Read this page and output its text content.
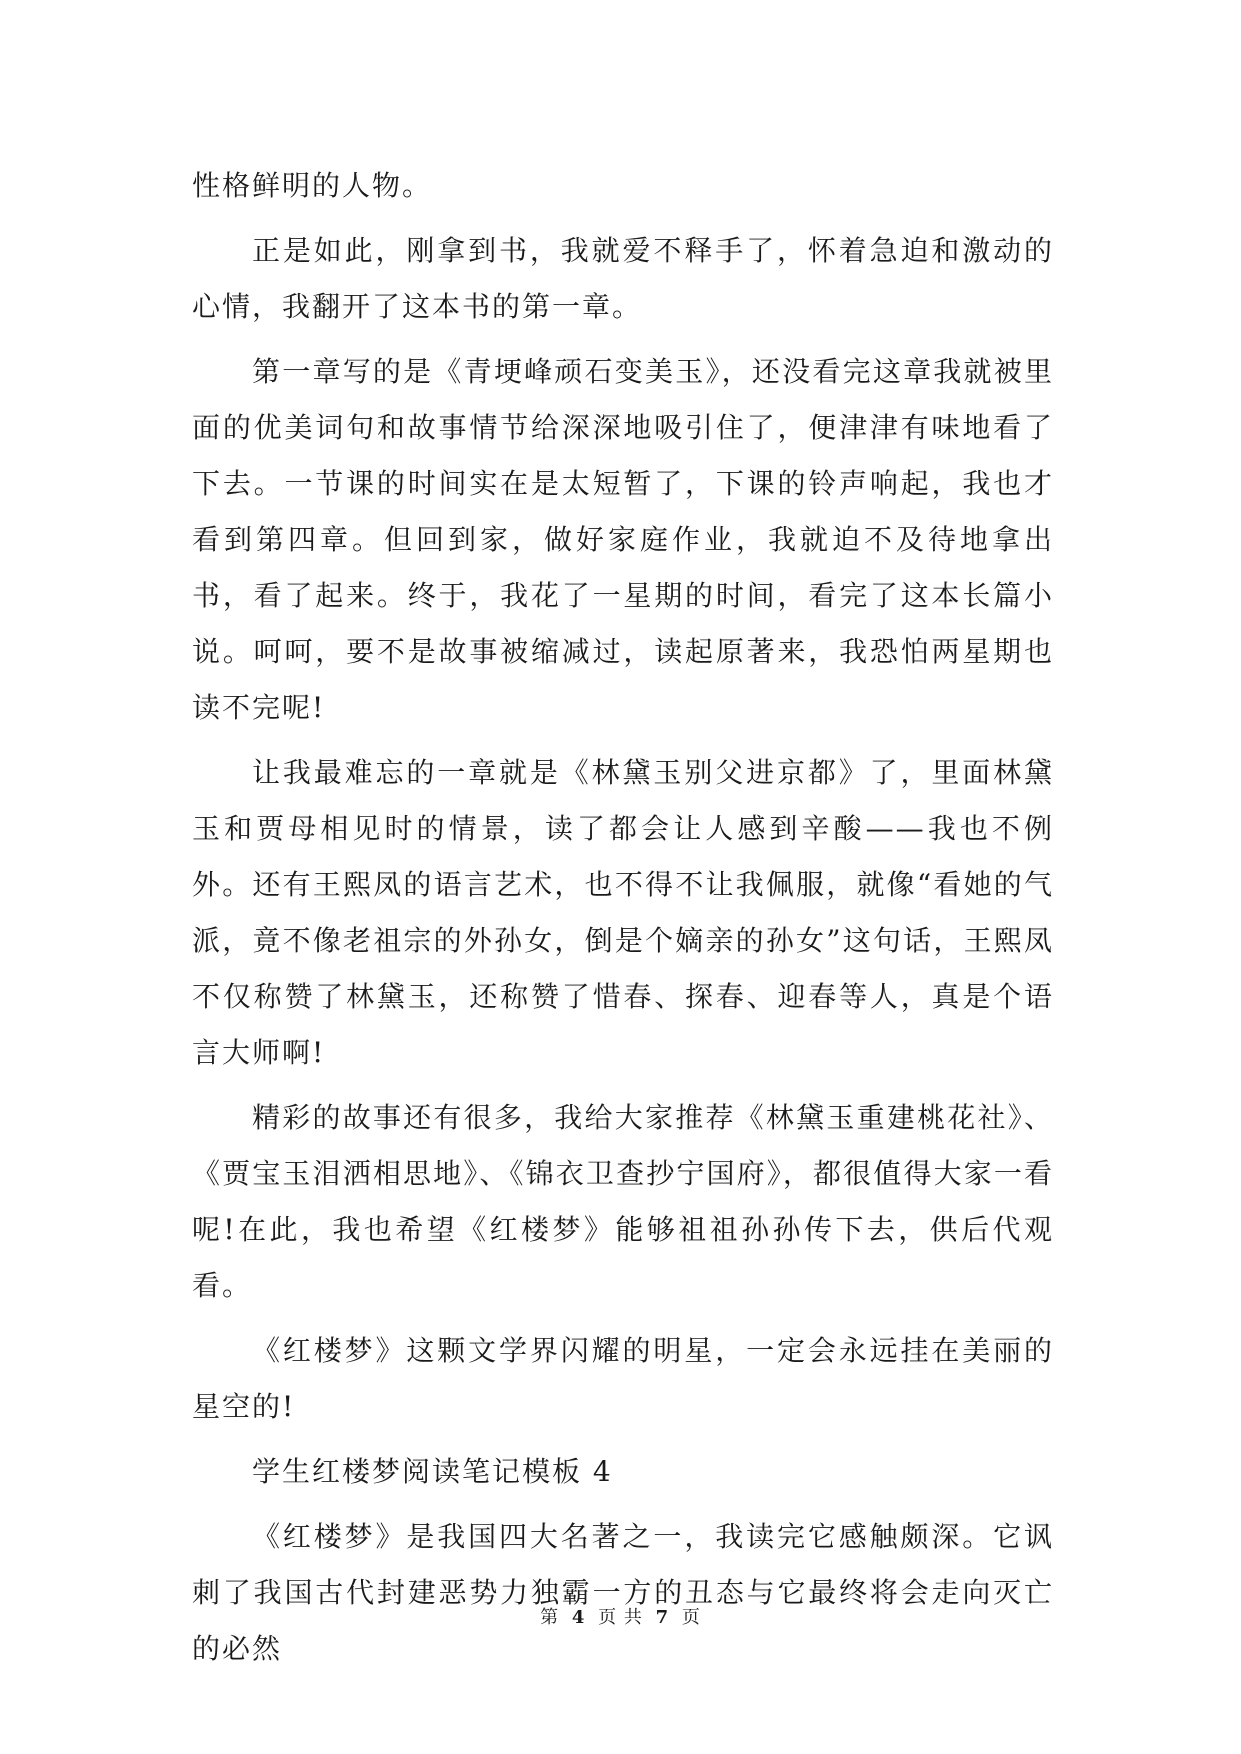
性格鲜明的人物。

正是如此，刚拿到书，我就爱不释手了，怀着急迫和激动的心情，我翻开了这本书的第一章。

第一章写的是《青埂峰顽石变美玉》，还没看完这章我就被里面的优美词句和故事情节给深深地吸引住了，便津津有味地看了下去。一节课的时间实在是太短暂了，下课的铃声响起，我也才看到第四章。但回到家，做好家庭作业，我就迫不及待地拿出书，看了起来。终于，我花了一星期的时间，看完了这本长篇小说。呵呵，要不是故事被缩减过，读起原著来，我恐怕两星期也读不完呢!

让我最难忘的一章就是《林黛玉别父进京都》了，里面林黛玉和贾母相见时的情景，读了都会让人感到辛酸——我也不例外。还有王熙凤的语言艺术，也不得不让我佩服，就像“看她的气派，竟不像老祖宗的外孙女，倒是个嫡亲的孙女”这句话，王熙凤不仅称赞了林黛玉，还称赞了惜春、探春、迎春等人，真是个语言大师啊!

精彩的故事还有很多，我给大家推荐《林黛玉重建桃花社》、《贾宝玉泪洒相思地》、《锦衣卫查抄宁国府》，都很值得大家一看呢!在此，我也希望《红楼梦》能够祖祖孙孙传下去，供后代观看。

《红楼梦》这颗文学界闪耀的明星，一定会永远挂在美丽的星空的!

学生红楼梦阅读笔记模板 4

《红楼梦》是我国四大名著之一，我读完它感触颇深。它讽刺了我国古代封建恶势力独霸一方的丑态与它最终将会走向灭亡的必然

第 4 页 共 7 页
